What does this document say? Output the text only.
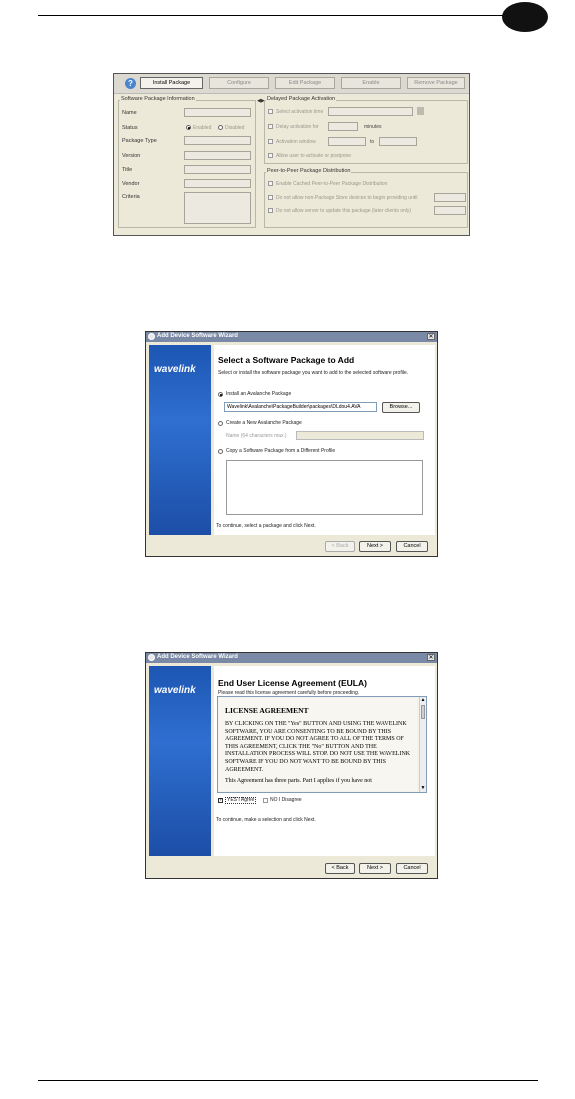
?	Install Package	Configure	Edit Package	Enable	Remove Package
Software Package Information
Name
Status	Enabled	Disabled
Package Type
Version
Title
Vendor
Criteria
◀▶ Delayed Package Activation
Select activation time
Delay activation for	minutes
Activation window	to
Allow user to activate or postpone
Peer-to-Peer Package Distribution
Enable Cached Peer-to-Peer Package Distribution
Do not allow non-Package Store devices to begin providing until
Do not allow server to update this package (later clients only)
Add Device Software Wizard	✕
wavelink
Select a Software Package to Add
Select or install the software package you want to add to the selected software profile.
Install an Avalanche Package
Wavelink\Avalanche\PackageBuilder\packages\DLdou4.AVA	Browse...
Create a New Avalanche Package
Name (64 characters max.)
Copy a Software Package from a Different Profile
To continue, select a package and click Next.
< Back	Next >	Cancel
Add Device Software Wizard	✕
wavelink
End User License Agreement (EULA)
Please read this license agreement carefully before proceeding.
LICENSE AGREEMENT

BY CLICKING ON THE "Yes" BUTTON AND USING THE WAVELINK SOFTWARE, YOU ARE CONSENTING TO BE BOUND BY THIS AGREEMENT. IF YOU DO NOT AGREE TO ALL OF THE TERMS OF THIS AGREEMENT, CLICK THE "No" BUTTON AND THE INSTALLATION PROCESS WILL STOP. DO NOT USE THE WAVELINK SOFTWARE IF YOU DO NOT WANT TO BE BOUND BY THIS AGREEMENT.

This Agreement has three parts. Part I applies if you have not

▲
▼
✓ YES I Agree	NO I Disagree
To continue, make a selection and click Next.
< Back	Next >	Cancel
